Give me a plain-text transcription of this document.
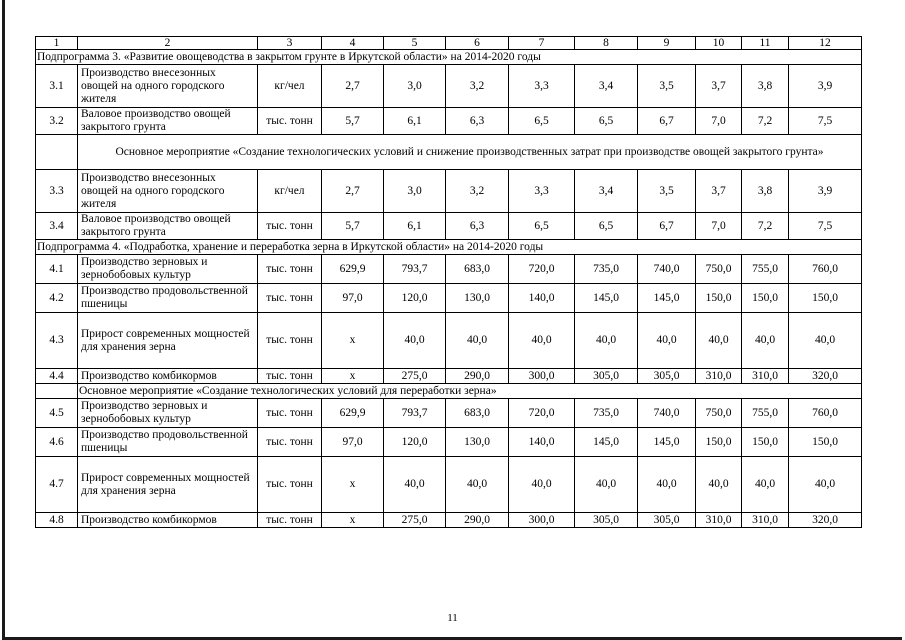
1	2	3	4	5	6	7	8	9	10	11	12
Подпрограмма 3. «Развитие овощеводства в закрытом грунте в Иркутской области» на 2014-2020 годы											
3.1	Производство внесезонных овощей на одного городского жителя	кг/чел	2,7	3,0	3,2	3,3	3,4	3,5	3,7	3,8	3,9
3.2	Валовое производство овощей закрытого грунта	тыс. тонн	5,7	6,1	6,3	6,5	6,5	6,7	7,0	7,2	7,5
	Основное мероприятие «Создание технологических условий и снижение производственных затрат при производстве овощей закрытого грунта»										
3.3	Производство внесезонных овощей на одного городского жителя	кг/чел	2,7	3,0	3,2	3,3	3,4	3,5	3,7	3,8	3,9
3.4	Валовое производство овощей закрытого грунта	тыс. тонн	5,7	6,1	6,3	6,5	6,5	6,7	7,0	7,2	7,5
Подпрограмма 4. «Подработка, хранение и переработка зерна в Иркутской области» на 2014-2020 годы											
4.1	Производство зерновых и зернобобовых культур	тыс. тонн	629,9	793,7	683,0	720,0	735,0	740,0	750,0	755,0	760,0
4.2	Производство продовольственной пшеницы	тыс. тонн	97,0	120,0	130,0	140,0	145,0	145,0	150,0	150,0	150,0
4.3	Прирост современных мощностей для хранения зерна	тыс. тонн	х	40,0	40,0	40,0	40,0	40,0	40,0	40,0	40,0
4.4	Производство комбикормов	тыс. тонн	х	275,0	290,0	300,0	305,0	305,0	310,0	310,0	320,0
	Основное мероприятие «Создание технологических условий для переработки зерна»										
4.5	Производство зерновых и зернобобовых культур	тыс. тонн	629,9	793,7	683,0	720,0	735,0	740,0	750,0	755,0	760,0
4.6	Производство продовольственной пшеницы	тыс. тонн	97,0	120,0	130,0	140,0	145,0	145,0	150,0	150,0	150,0
4.7	Прирост современных мощностей для хранения зерна	тыс. тонн	х	40,0	40,0	40,0	40,0	40,0	40,0	40,0	40,0
4.8	Производство комбикормов	тыс. тонн	х	275,0	290,0	300,0	305,0	305,0	310,0	310,0	320,0
11
